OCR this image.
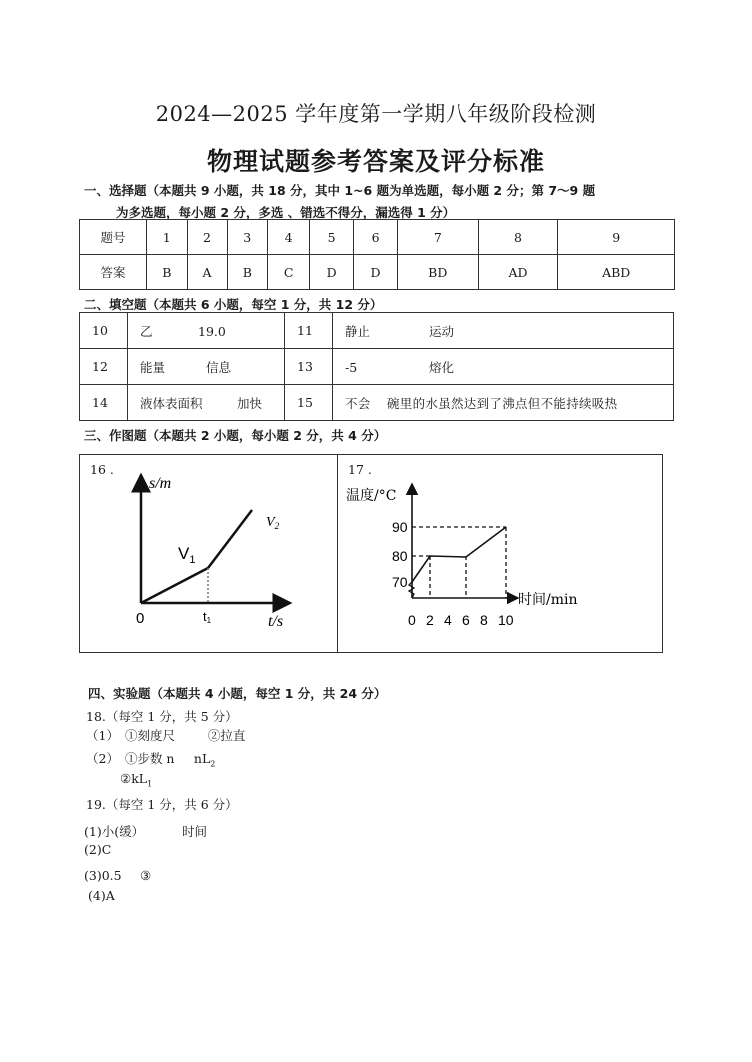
2024—2025 学年度第一学期八年级阶段检测
物理试题参考答案及评分标准
一、选择题（本题共 9 小题，共 18 分，其中 1~6 题为单选题，每小题 2 分；第 7～9 题
为多选题，每小题 2 分，多选 、错选不得分，漏选得 1 分）
题号	1	2	3	4	5	6	7	8	9
答案	B	A	B	C	D	D	BD	AD	ABD
二、填空题（本题共 6 小题，每空 1 分，共 12 分）
10	乙 19.0	11	静止 运动
12	能量 信息	13	-5 熔化
14	液体表面积 加快	15	不会 碗里的水虽然达到了沸点但不能持续吸热
三、作图题（本题共 2 小题，每小题 2 分，共 4 分）
16 .
s/m
t/s
0	t1
$V_1$
$V_2$
17 .
温度/°C
时间/min
90
80
70
0 2 4 6 8 10
四、实验题（本题共 4 小题，每空 1 分，共 24 分）
18.（每空 1 分，共 5 分）
（1） ①刻度尺	②拉直
（2） ①步数 n $nL_2$
$②kL_1$
19.（每空 1 分，共 6 分）
(1)小(缓）	时间
(2)C
(3)0.5 ③
(4)A
